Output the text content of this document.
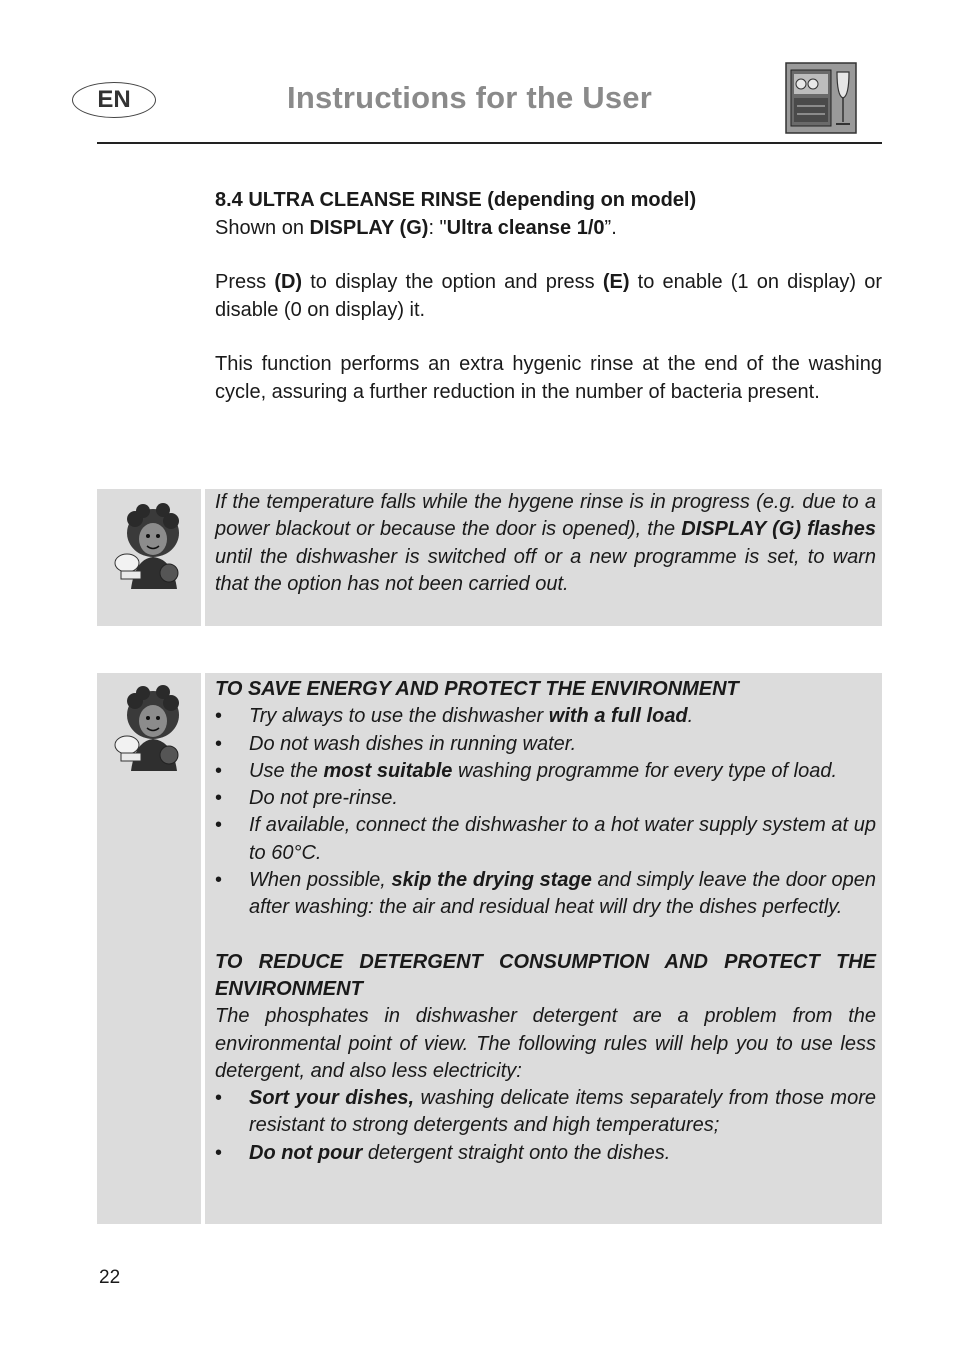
EN	Instructions for the User
8.4 ULTRA CLEANSE RINSE (depending on model)
Shown on DISPLAY (G): "Ultra cleanse 1/0”.
Press (D) to display the option and press (E) to enable (1 on display) or disable (0 on display) it.
This function performs an extra hygenic rinse at the end of the washing cycle, assuring a further reduction in the number of bacteria present.

If the temperature falls while the hygene rinse is in progress (e.g. due to a power blackout or because the door is opened), the DISPLAY (G) flashes until the dishwasher is switched off or a new programme is set, to warn that the option has not been carried out.

TO SAVE ENERGY AND PROTECT THE ENVIRONMENT

• Try always to use the dishwasher with a full load.
• Do not wash dishes in running water.
• Use the most suitable washing programme for every type of load.
• Do not pre-rinse.
• If available, connect the dishwasher to a hot water supply system at up to 60°C.
• When possible, skip the drying stage and simply leave the door open after washing: the air and residual heat will dry the dishes perfectly.

TO REDUCE DETERGENT CONSUMPTION AND PROTECT THE ENVIRONMENT

The phosphates in dishwasher detergent are a problem from the environmental point of view. The following rules will help you to use less detergent, and also less electricity:

• Sort your dishes, washing delicate items separately from those more resistant to strong detergents and high temperatures;
• Do not pour detergent straight onto the dishes.
22
